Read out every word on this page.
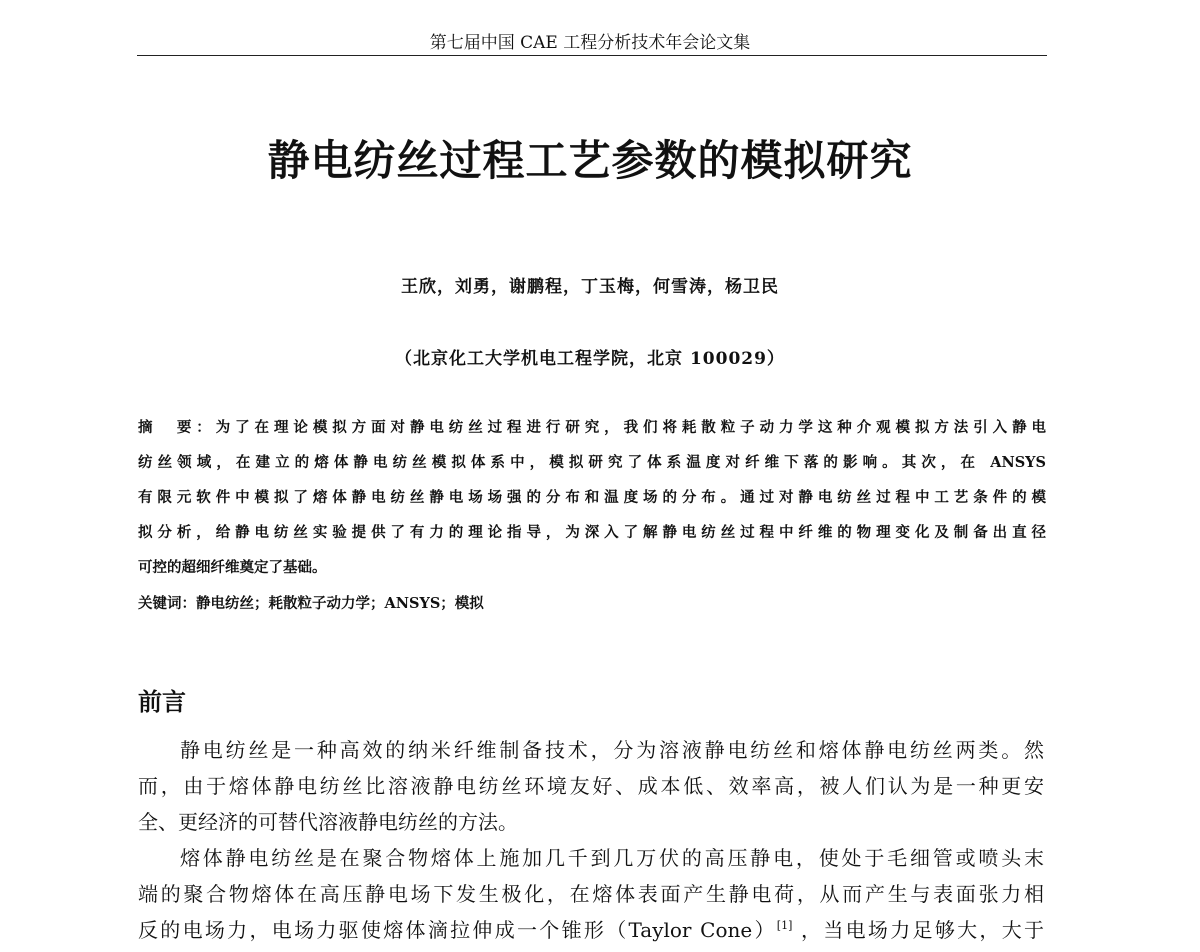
第七届中国 CAE 工程分析技术年会论文集
静电纺丝过程工艺参数的模拟研究
王欣，刘勇，谢鹏程，丁玉梅，何雪涛，杨卫民
（北京化工大学机电工程学院，北京 100029）
摘　要：为了在理论模拟方面对静电纺丝过程进行研究，我们将耗散粒子动力学这种介观模拟方法引入静电
纺丝领域，在建立的熔体静电纺丝模拟体系中，模拟研究了体系温度对纤维下落的影响。其次，在 ANSYS
有限元软件中模拟了熔体静电纺丝静电场场强的分布和温度场的分布。通过对静电纺丝过程中工艺条件的模
拟分析，给静电纺丝实验提供了有力的理论指导，为深入了解静电纺丝过程中纤维的物理变化及制备出直径
可控的超细纤维奠定了基础。
关键词：静电纺丝；耗散粒子动力学；ANSYS；模拟
前言
静电纺丝是一种高效的纳米纤维制备技术，分为溶液静电纺丝和熔体静电纺丝两类。然
而，由于熔体静电纺丝比溶液静电纺丝环境友好、成本低、效率高，被人们认为是一种更安
全、更经济的可替代溶液静电纺丝的方法。
熔体静电纺丝是在聚合物熔体上施加几千到几万伏的高压静电，使处于毛细管或喷头末
端的聚合物熔体在高压静电场下发生极化，在熔体表面产生静电荷，从而产生与表面张力相
反的电场力，电场力驱使熔体滴拉伸成一个锥形（Taylor Cone）[1] ，当电场力足够大，大于
